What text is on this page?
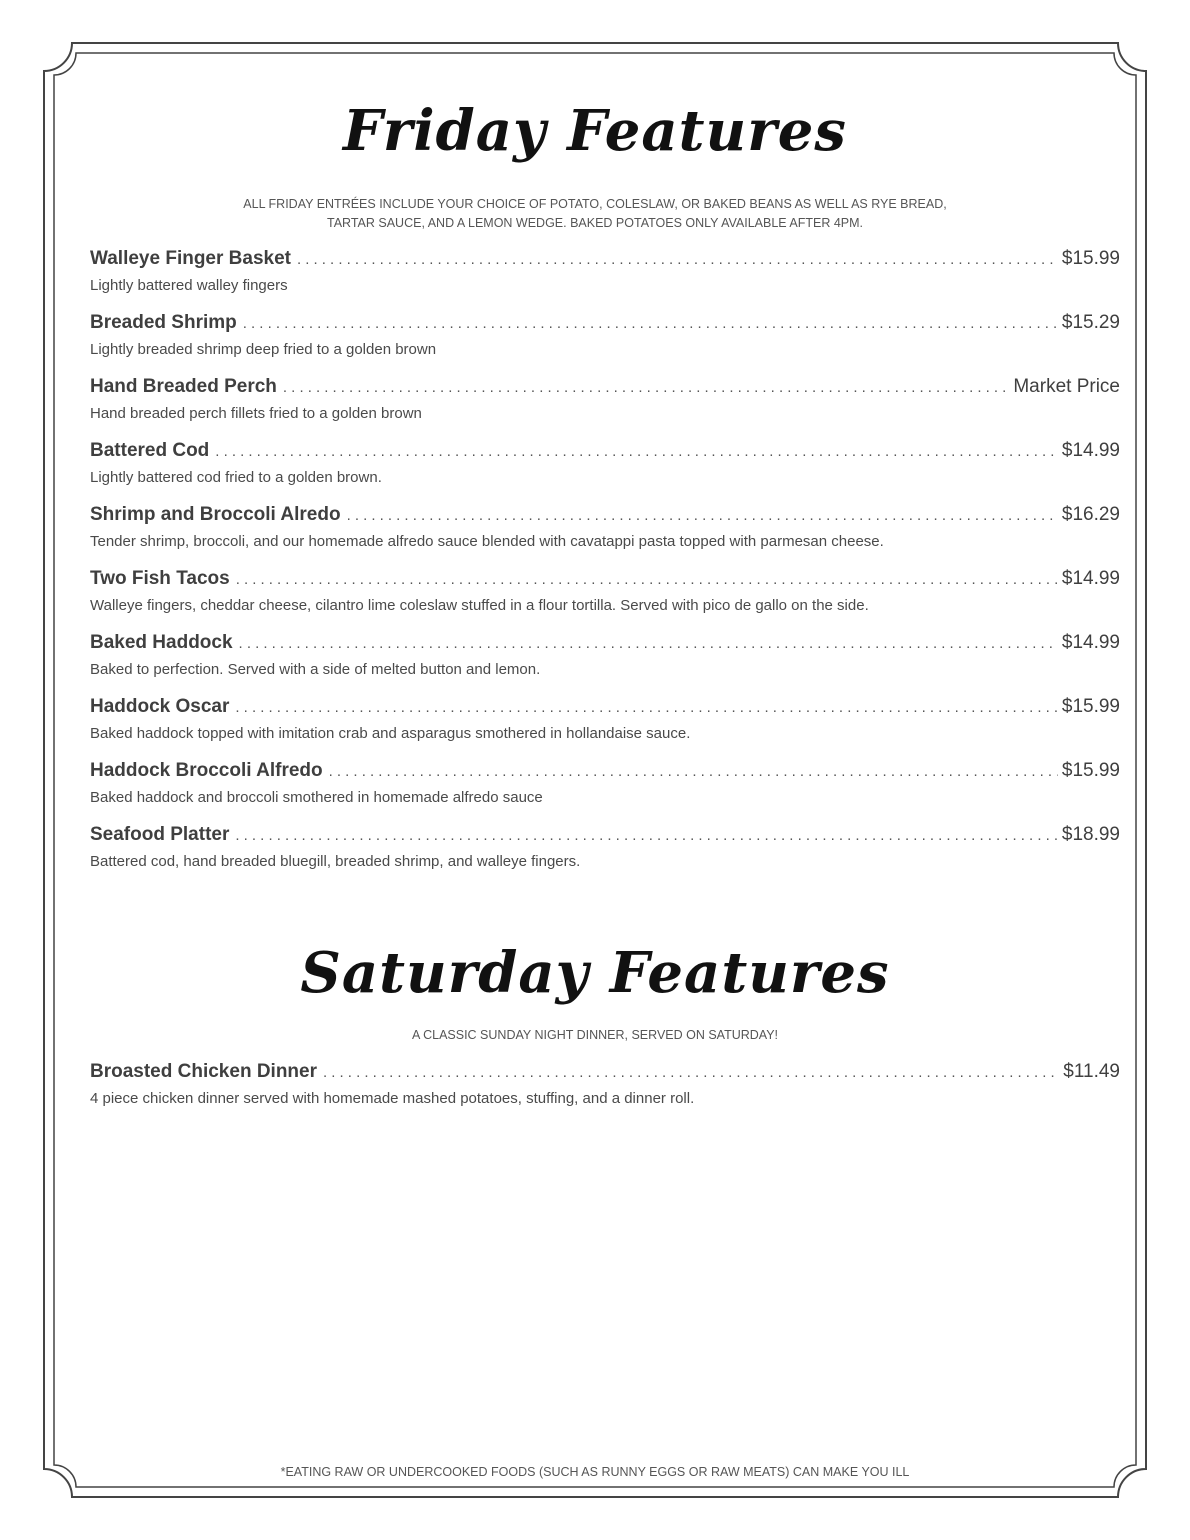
Friday Features
ALL FRIDAY ENTRÉES INCLUDE YOUR CHOICE OF POTATO, COLESLAW, OR BAKED BEANS AS WELL AS RYE BREAD,
TARTAR SAUCE, AND A LEMON WEDGE. BAKED POTATOES ONLY AVAILABLE AFTER 4PM.
Walleye Finger Basket .....	$15.99
Lightly battered walley fingers
Breaded Shrimp .....	$15.29
Lightly breaded shrimp deep fried to a golden brown
Hand Breaded Perch .....	Market Price
Hand breaded perch fillets fried to a golden brown
Battered Cod .....	$14.99
Lightly battered cod fried to a golden brown.
Shrimp and Broccoli Alredo .....	$16.29
Tender shrimp, broccoli, and our homemade alfredo sauce blended with cavatappi pasta topped with parmesan cheese.
Two Fish Tacos .....	$14.99
Walleye fingers, cheddar cheese, cilantro lime coleslaw stuffed in a flour tortilla. Served with pico de gallo on the side.
Baked Haddock .....	$14.99
Baked to perfection. Served with a side of melted button and lemon.
Haddock Oscar .....	$15.99
Baked haddock topped with imitation crab and asparagus smothered in hollandaise sauce.
Haddock Broccoli Alfredo .....	$15.99
Baked haddock and broccoli smothered in homemade alfredo sauce
Seafood Platter .....	$18.99
Battered cod, hand breaded bluegill, breaded shrimp, and walleye fingers.
Saturday Features
A CLASSIC SUNDAY NIGHT DINNER, SERVED ON SATURDAY!
Broasted Chicken Dinner .....	$11.49
4 piece chicken dinner served with homemade mashed potatoes, stuffing, and a dinner roll.

*EATING RAW OR UNDERCOOKED FOODS (SUCH AS RUNNY EGGS OR RAW MEATS) CAN MAKE YOU ILL
